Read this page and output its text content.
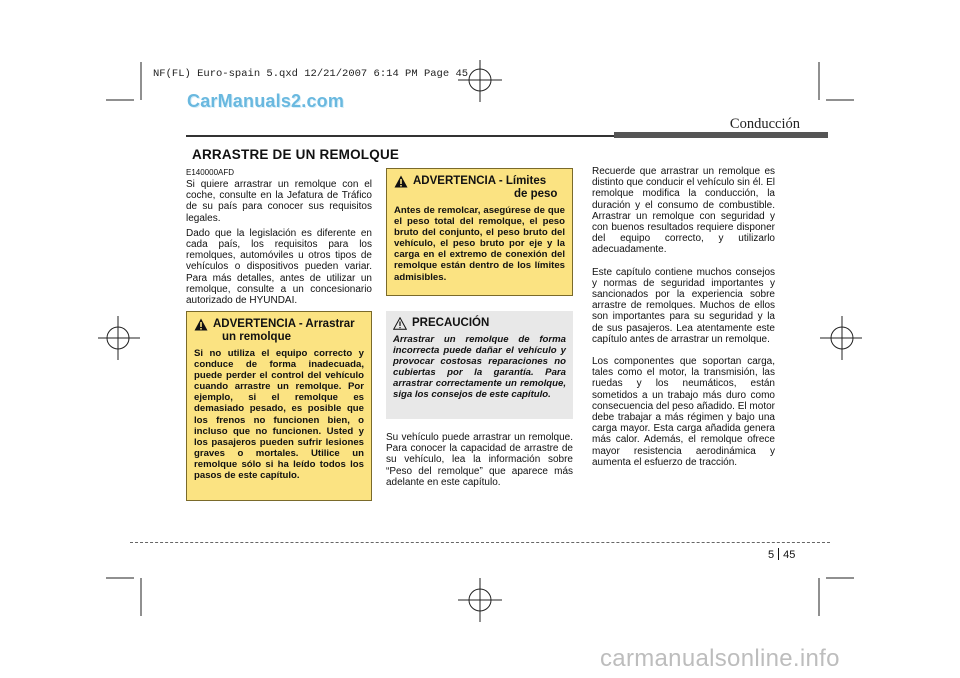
NF(FL) Euro-spain 5.qxd 12/21/2007 6:14 PM Page 45
CarManuals2.com
Conducción
ARRASTRE DE UN REMOLQUE
E140000AFD

Si quiere arrastrar un remolque con el coche, consulte en la Jefatura de Tráfico de su país para conocer sus requisitos legales.

Dado que la legislación es diferente en cada país, los requisitos para los remolques, automóviles u otros tipos de vehículos o dispositivos pueden variar. Para más detalles, antes de utilizar un remolque, consulte a un concesionario autorizado de HYUNDAI.

ADVERTENCIA - Arrastrar
un remolque
Si no utiliza el equipo correcto y conduce de forma inadecuada, puede perder el control del vehículo cuando arrastre un remolque. Por ejemplo, si el remolque es demasiado pesado, es posible que los frenos no funcionen bien, o incluso que no funcionen. Usted y los pasajeros pueden sufrir lesiones graves o mortales. Utilice un remolque sólo si ha leído todos los pasos de este capítulo.
ADVERTENCIA - Límites
de peso
Antes de remolcar, asegúrese de que el peso total del remolque, el peso bruto del conjunto, el peso bruto del vehículo, el peso bruto por eje y la carga en el extremo de conexión del remolque están dentro de los límites admisibles.
PRECAUCIÓN
Arrastrar un remolque de forma incorrecta puede dañar el vehículo y provocar costosas reparaciones no cubiertas por la garantía. Para arrastrar correctamente un remolque, siga los consejos de este capítulo.

Su vehículo puede arrastrar un remolque. Para conocer la capacidad de arrastre de su vehículo, lea la información sobre “Peso del remolque” que aparece más adelante en este capítulo.

Recuerde que arrastrar un remolque es distinto que conducir el vehículo sin él. El remolque modifica la conducción, la duración y el consumo de combustible. Arrastrar un remolque con seguridad y con buenos resultados requiere disponer del equipo correcto, y utilizarlo adecuadamente.

Este capítulo contiene muchos consejos y normas de seguridad importantes y sancionados por la experiencia sobre arrastre de remolques. Muchos de ellos son importantes para su seguridad y la de sus pasajeros. Lea atentamente este capítulo antes de arrastrar un remolque.

Los componentes que soportan carga, tales como el motor, la transmisión, las ruedas y los neumáticos, están sometidos a un trabajo más duro como consecuencia del peso añadido. El motor debe trabajar a más régimen y bajo una carga mayor. Esta carga añadida genera más calor. Además, el remolque ofrece mayor resistencia aerodinámica y aumenta el esfuerzo de tracción.

5 45
carmanualsonline.info
